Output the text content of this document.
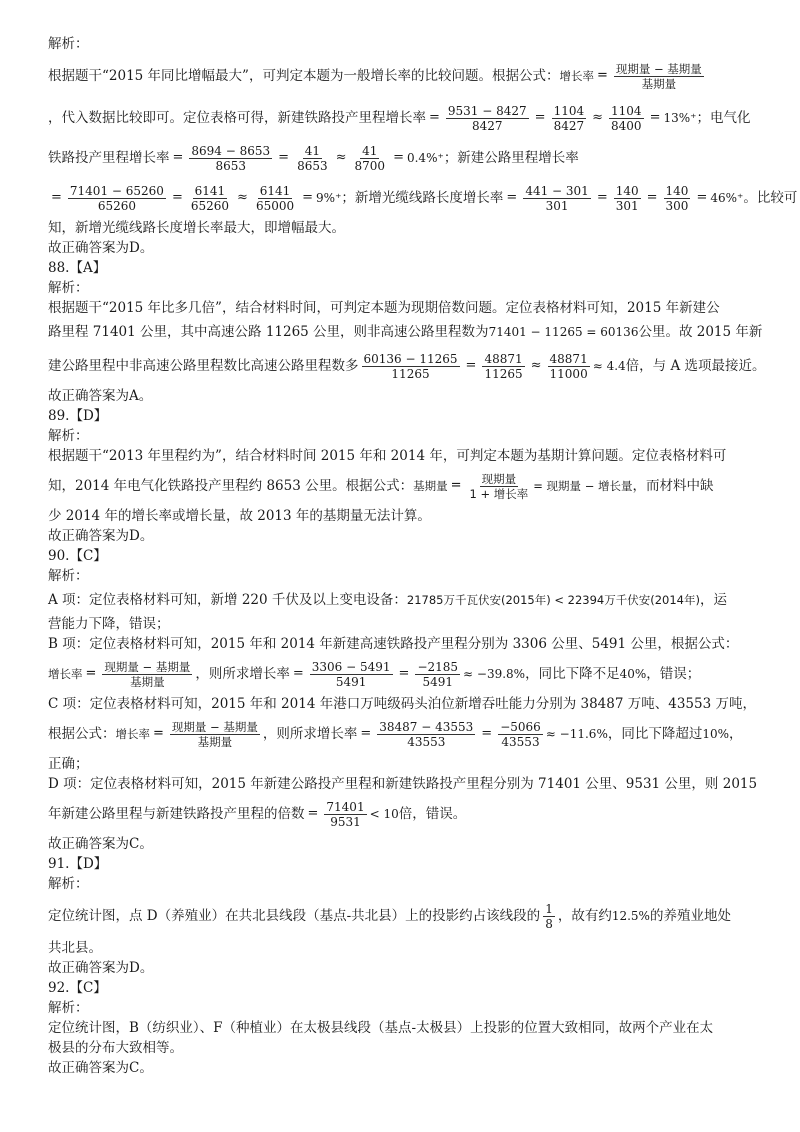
解析：
根据题干“2015 年同比增幅最大”，可判定本题为一般增长率的比较问题。根据公式： 增长率 = $\frac{\text{现期量 − 基期量}}{\text{基期量}}$
，代入数据比较即可。定位表格可得，新建铁路投产里程增长率 = $\frac{9531 - 8427}{8427} = \frac{1104}{8427} \approx \frac{1104}{8400} = 13\%^+$ ；电气化
铁路投产里程增长率 = $\frac{8694 - 8653}{8653} = \frac{41}{8653} \approx \frac{41}{8700} = 0.4\%^+$ ；新建公路里程增长率
= $\frac{71401 - 65260}{65260} = \frac{6141}{65260} \approx \frac{6141}{65000} = 9\%^+$ ；新增光缆线路长度增长率 = $\frac{441 - 301}{301} = \frac{140}{301} = \frac{140}{300} = 46\%^+$ 。比较可
知，新增光缆线路长度增长率最大，即增幅最大。
故正确答案为D。
88.【A】
解析：
根据题干“2015 年比多几倍”，结合材料时间，可判定本题为现期倍数问题。定位表格材料可知，2015 年新建公
路里程 71401 公里，其中高速公路 11265 公里，则非高速公路里程数为 71401 − 11265 = 60136 公里。故 2015 年新
建公路里程中非高速公路里程数比高速公路里程数多 $\frac{60136 - 11265}{11265} = \frac{48871}{11265} \approx \frac{48871}{11000} \approx 4.4$ 倍，与 A 选项最接近。
故正确答案为A。
89.【D】
解析：
根据题干“2013 年里程约为”，结合材料时间 2015 年和 2014 年，可判定本题为基期计算问题。定位表格材料可
知，2014 年电气化铁路投产里程约 8653 公里。根据公式： 基期量 = $\frac{\text{现期量}}{\text{1 + 增长率}}$ = 现期量 − 增长量 ，而材料中缺
少 2014 年的增长率或增长量，故 2013 年的基期量无法计算。
故正确答案为D。
90.【C】
解析：
A 项：定位表格材料可知，新增 220 千伏及以上变电设备： 21785万千瓦伏安(2015年) < 22394万千伏安(2014年) ，运
营能力下降，错误；
B 项：定位表格材料可知，2015 年和 2014 年新建高速铁路投产里程分别为 3306 公里、5491 公里，根据公式：
增长率 = $\frac{\text{现期量 − 基期量}}{\text{基期量}}$ ，则所求增长率 = $\frac{3306 - 5491}{5491} = \frac{-2185}{5491} \approx -39.8\%$ ，同比下降不足 40% ，错误；
C 项：定位表格材料可知，2015 年和 2014 年港口万吨级码头泊位新增吞吐能力分别为 38487 万吨、43553 万吨，
根据公式： 增长率 = $\frac{\text{现期量 − 基期量}}{\text{基期量}}$ ，则所求增长率 = $\frac{38487 - 43553}{43553} = \frac{-5066}{43553} \approx -11.6\%$ ，同比下降超过 10% ，
正确；
D 项：定位表格材料可知，2015 年新建公路投产里程和新建铁路投产里程分别为 71401 公里、9531 公里，则 2015
年新建公路里程与新建铁路投产里程的倍数 = $\frac{71401}{9531} < 10$ 倍，错误。
故正确答案为C。
91.【D】
解析：
定位统计图，点 D（养殖业）在共北县线段（基点-共北县）上的投影约占该线段的 $\frac{1}{8}$ ，故有约 12.5% 的养殖业地处
共北县。
故正确答案为D。
92.【C】
解析：
定位统计图，B（纺织业）、F（种植业）在太极县线段（基点-太极县）上投影的位置大致相同，故两个产业在太
极县的分布大致相等。
故正确答案为C。
